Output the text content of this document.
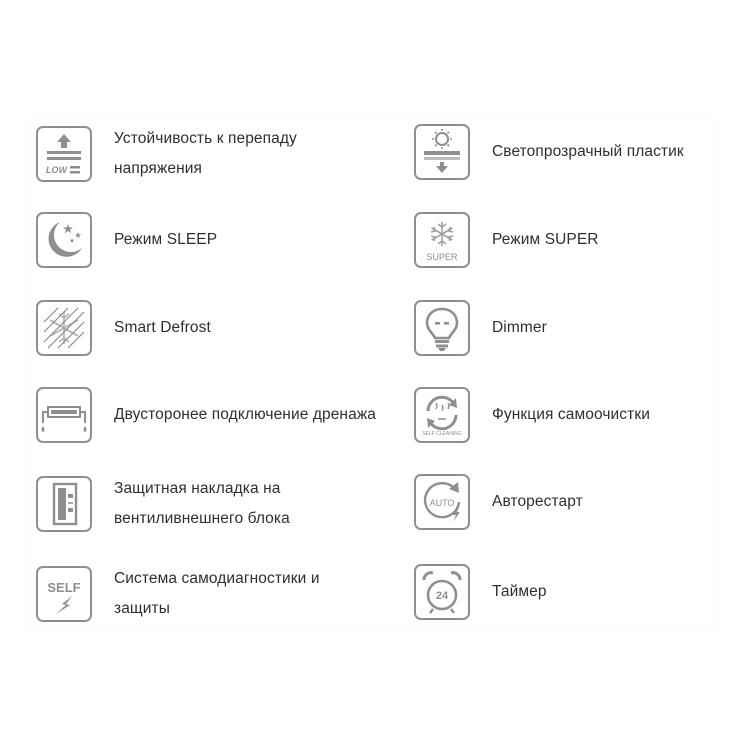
LOW
Устойчивость к перепаду напряжения
Светопрозрачный пластик
Режим SLEEP
SUPER
Режим SUPER
Smart Defrost	Dimmer
Двусторонее подключение дренажа
SELF CLEANING
Функция самоочистки
Защитная накладка на вентиливнешнего блока
AUTO Авторестарт
SELF
Система самодиагностики и защиты
24	Таймер
